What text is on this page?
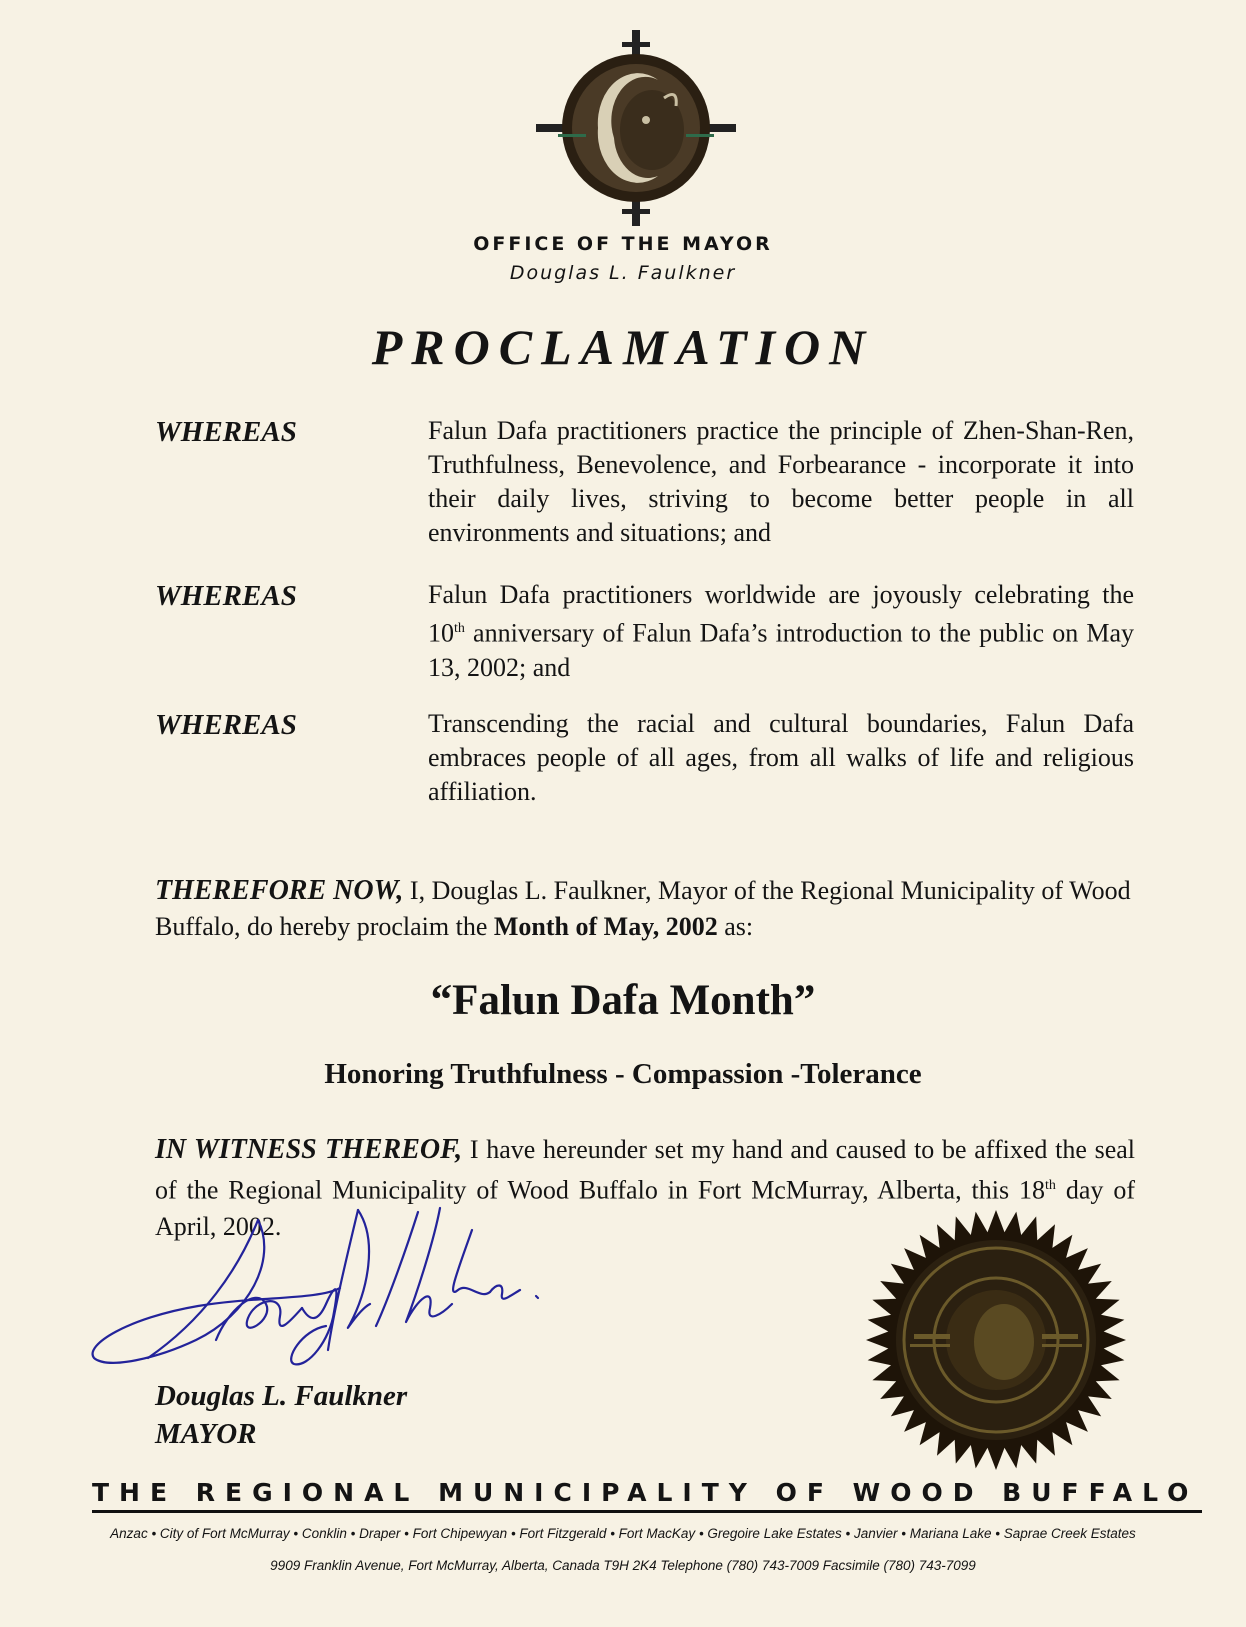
OFFICE OF THE MAYOR
Douglas L. Faulkner
PROCLAMATION
WHEREAS	Falun Dafa practitioners practice the principle of Zhen-Shan-Ren, Truthfulness, Benevolence, and Forbearance - incorporate it into their daily lives, striving to become better people in all environments and situations; and
WHEREAS	Falun Dafa practitioners worldwide are joyously celebrating the 10th anniversary of Falun Dafa’s introduction to the public on May 13, 2002; and
WHEREAS	Transcending the racial and cultural boundaries, Falun Dafa embraces people of all ages, from all walks of life and religious affiliation.
THEREFORE NOW, I, Douglas L. Faulkner, Mayor of the Regional Municipality of Wood Buffalo, do hereby proclaim the Month of May, 2002 as:
“Falun Dafa Month”
Honoring Truthfulness - Compassion -Tolerance
IN WITNESS THEREOF, I have hereunder set my hand and caused to be affixed the seal of the Regional Municipality of Wood Buffalo in Fort McMurray, Alberta, this 18th day of April, 2002.
Douglas L. Faulkner
MAYOR
THE REGIONAL MUNICIPALITY OF WOOD BUFFALO
Anzac • City of Fort McMurray • Conklin • Draper • Fort Chipewyan • Fort Fitzgerald • Fort MacKay • Gregoire Lake Estates • Janvier • Mariana Lake • Saprae Creek Estates
9909 Franklin Avenue, Fort McMurray, Alberta, Canada T9H 2K4 Telephone (780) 743-7009 Facsimile (780) 743-7099
